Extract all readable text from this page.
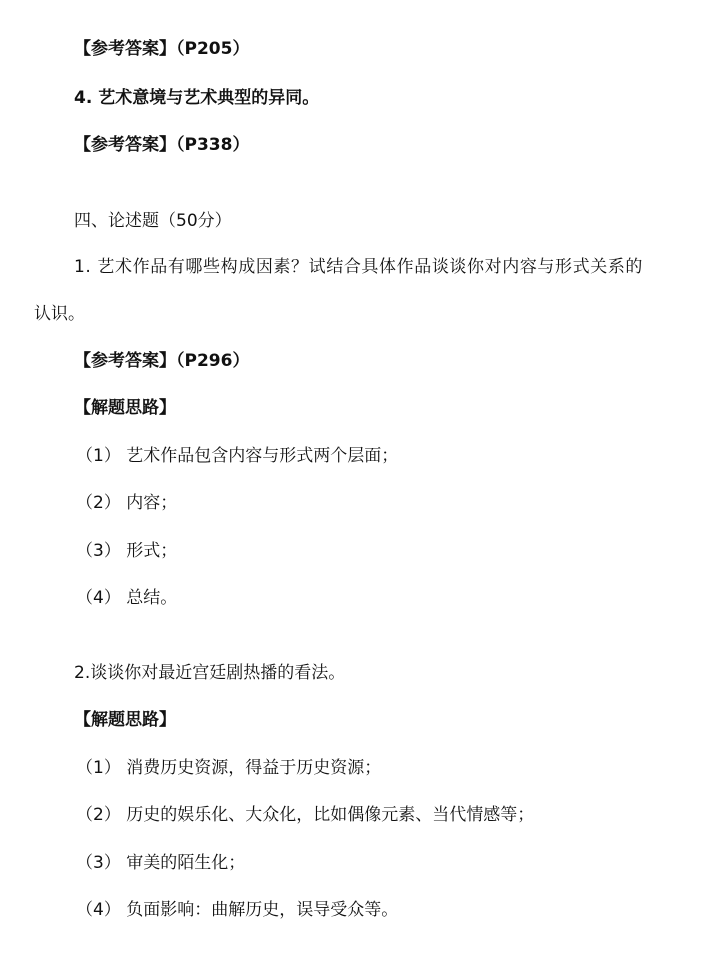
【参考答案】（P205）
4. 艺术意境与艺术典型的异同。
【参考答案】（P338）
四、论述题（50分）
1. 艺术作品有哪些构成因素？试结合具体作品谈谈你对内容与形式关系的
认识。
【参考答案】（P296）
【解题思路】
（1） 艺术作品包含内容与形式两个层面；
（2） 内容；
（3） 形式；
（4） 总结。
2.谈谈你对最近宫廷剧热播的看法。
【解题思路】
（1） 消费历史资源，得益于历史资源；
（2） 历史的娱乐化、大众化，比如偶像元素、当代情感等；
（3） 审美的陌生化；
（4） 负面影响：曲解历史，误导受众等。
